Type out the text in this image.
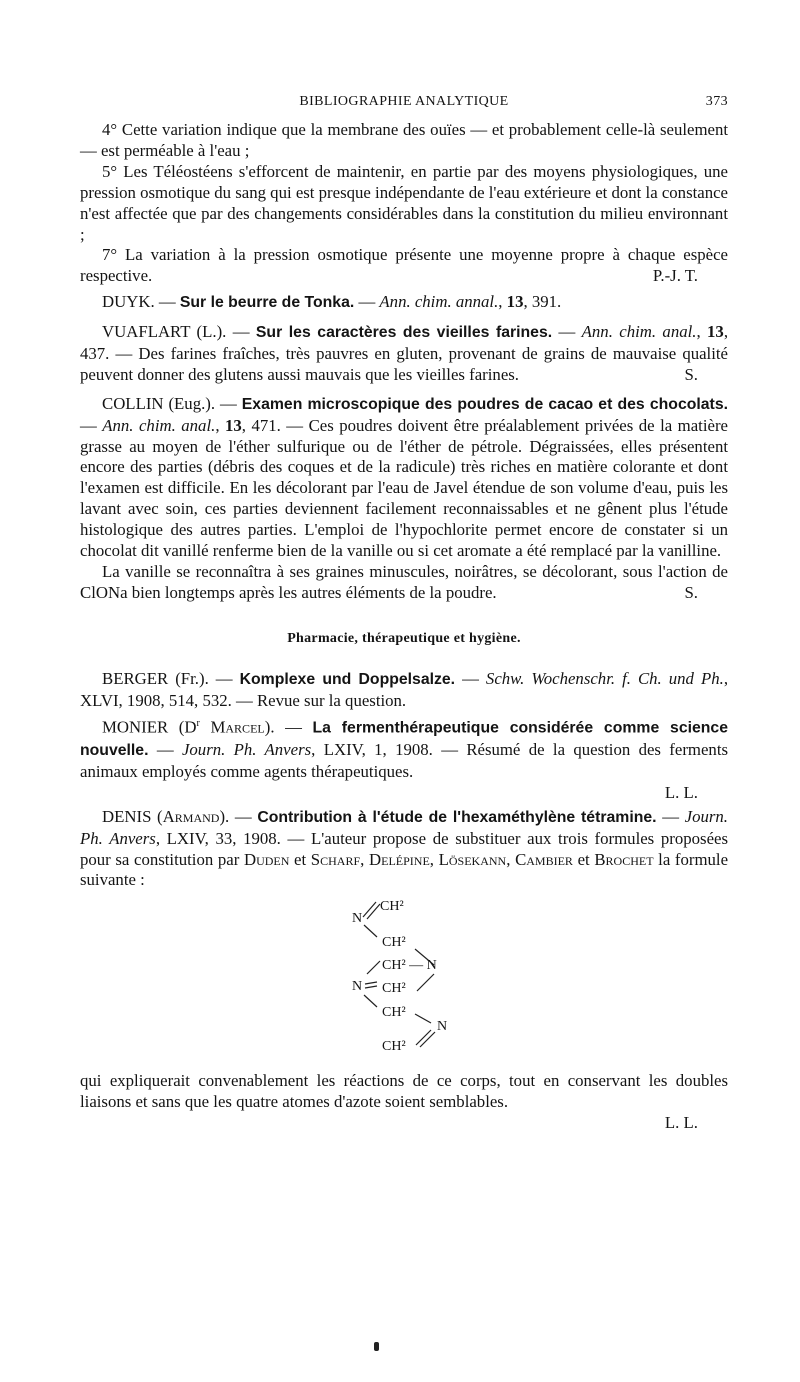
BIBLIOGRAPHIE ANALYTIQUE	373

4° Cette variation indique que la membrane des ouïes — et probablement celle-là seulement — est perméable à l'eau ;

5° Les Téléostéens s'efforcent de maintenir, en partie par des moyens physiologiques, une pression osmotique du sang qui est presque indépendante de l'eau extérieure et dont la constance n'est affectée que par des changements considérables dans la constitution du milieu environnant ;

7° La variation à la pression osmotique présente une moyenne propre à chaque espèce respective.	P.-J. T.

DUYK. — Sur le beurre de Tonka. — Ann. chim. annal., 13, 391.

VUAFLART (L.). — Sur les caractères des vieilles farines. — Ann. chim. anal., 13, 437. — Des farines fraîches, très pauvres en gluten, provenant de grains de mauvaise qualité peuvent donner des glutens aussi mauvais que les vieilles farines.	S.

COLLIN (Eug.). — Examen microscopique des poudres de cacao et des chocolats. — Ann. chim. anal., 13, 471. — Ces poudres doivent être préalablement privées de la matière grasse au moyen de l'éther sulfurique ou de l'éther de pétrole. Dégraissées, elles présentent encore des parties (débris des coques et de la radicule) très riches en matière colorante et dont l'examen est difficile. En les décolorant par l'eau de Javel étendue de son volume d'eau, puis les lavant avec soin, ces parties deviennent facilement reconnaissables et ne gênent plus l'étude histologique des autres parties. L'emploi de l'hypochlorite permet encore de constater si un chocolat dit vanillé renferme bien de la vanille ou si cet aromate a été remplacé par la vanilline.

La vanille se reconnaîtra à ses graines minuscules, noirâtres, se décolorant, sous l'action de ClONa bien longtemps après les autres éléments de la poudre.	S.

Pharmacie, thérapeutique et hygiène.

BERGER (Fr.). — Komplexe und Doppelsalze. — Schw. Wochenschr. f. Ch. und Ph., XLVI, 1908, 514, 532. — Revue sur la question.

MONIER ($D^r$ Marcel). — La fermenthérapeutique considérée comme science nouvelle. — Journ. Ph. Anvers, LXIV, 1, 1908. — Résumé de la question des ferments animaux employés comme agents thérapeutiques.

L. L.

DENIS (Armand). — Contribution à l'étude de l'hexaméthylène tétramine. — Journ. Ph. Anvers, LXIV, 33, 1908. — L'auteur propose de substituer aux trois formules proposées pour sa constitution par Duden et Scharf, Delépine, Lösekann, Cambier et Brochet la formule suivante :

N
CH²
CH²
CH² — N
N CH²
CH²
N
CH²

qui expliquerait convenablement les réactions de ce corps, tout en conservant les doubles liaisons et sans que les quatre atomes d'azote soient semblables.

L. L.
